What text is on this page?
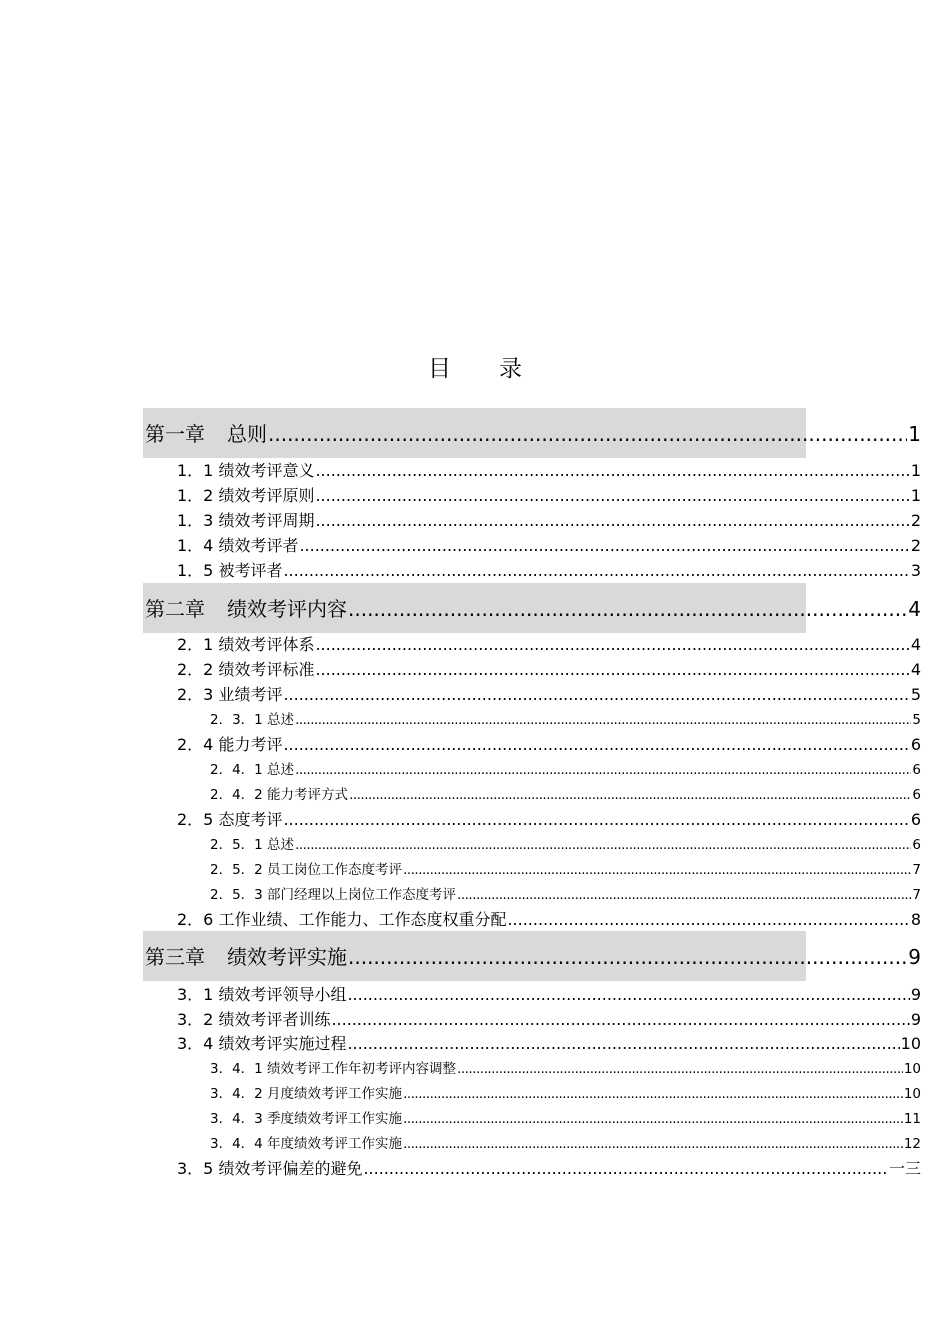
目 录
第一章 总则 .....	1
1．1 绩效考评意义 .....	1
1．2 绩效考评原则 .....	1
1．3 绩效考评周期 .....	2
1．4 绩效考评者 .....	2
1．5 被考评者 .....	3
第二章 绩效考评内容 .....	4
2．1 绩效考评体系 .....	4
2．2 绩效考评标准 .....	4
2．3 业绩考评 .....	5
2．3．1 总述 .....	5
2．4 能力考评 .....	6
2．4．1 总述 .....	6
2．4．2 能力考评方式 .....	6
2．5 态度考评 .....	6
2．5．1 总述 .....	6
2．5．2 员工岗位工作态度考评 .....	7
2．5．3 部门经理以上岗位工作态度考评 .....	7
2．6 工作业绩、工作能力、工作态度权重分配 .....	8
第三章 绩效考评实施 .....	9
3．1 绩效考评领导小组 .....	9
3．2 绩效考评者训练 .....	9
3．4 绩效考评实施过程 .....	10
3．4．1 绩效考评工作年初考评内容调整 .....	10
3．4．2 月度绩效考评工作实施 .....	10
3．4．3 季度绩效考评工作实施 .....	11
3．4．4 年度绩效考评工作实施 .....	12
3．5 绩效考评偏差的避免 .....	一三
